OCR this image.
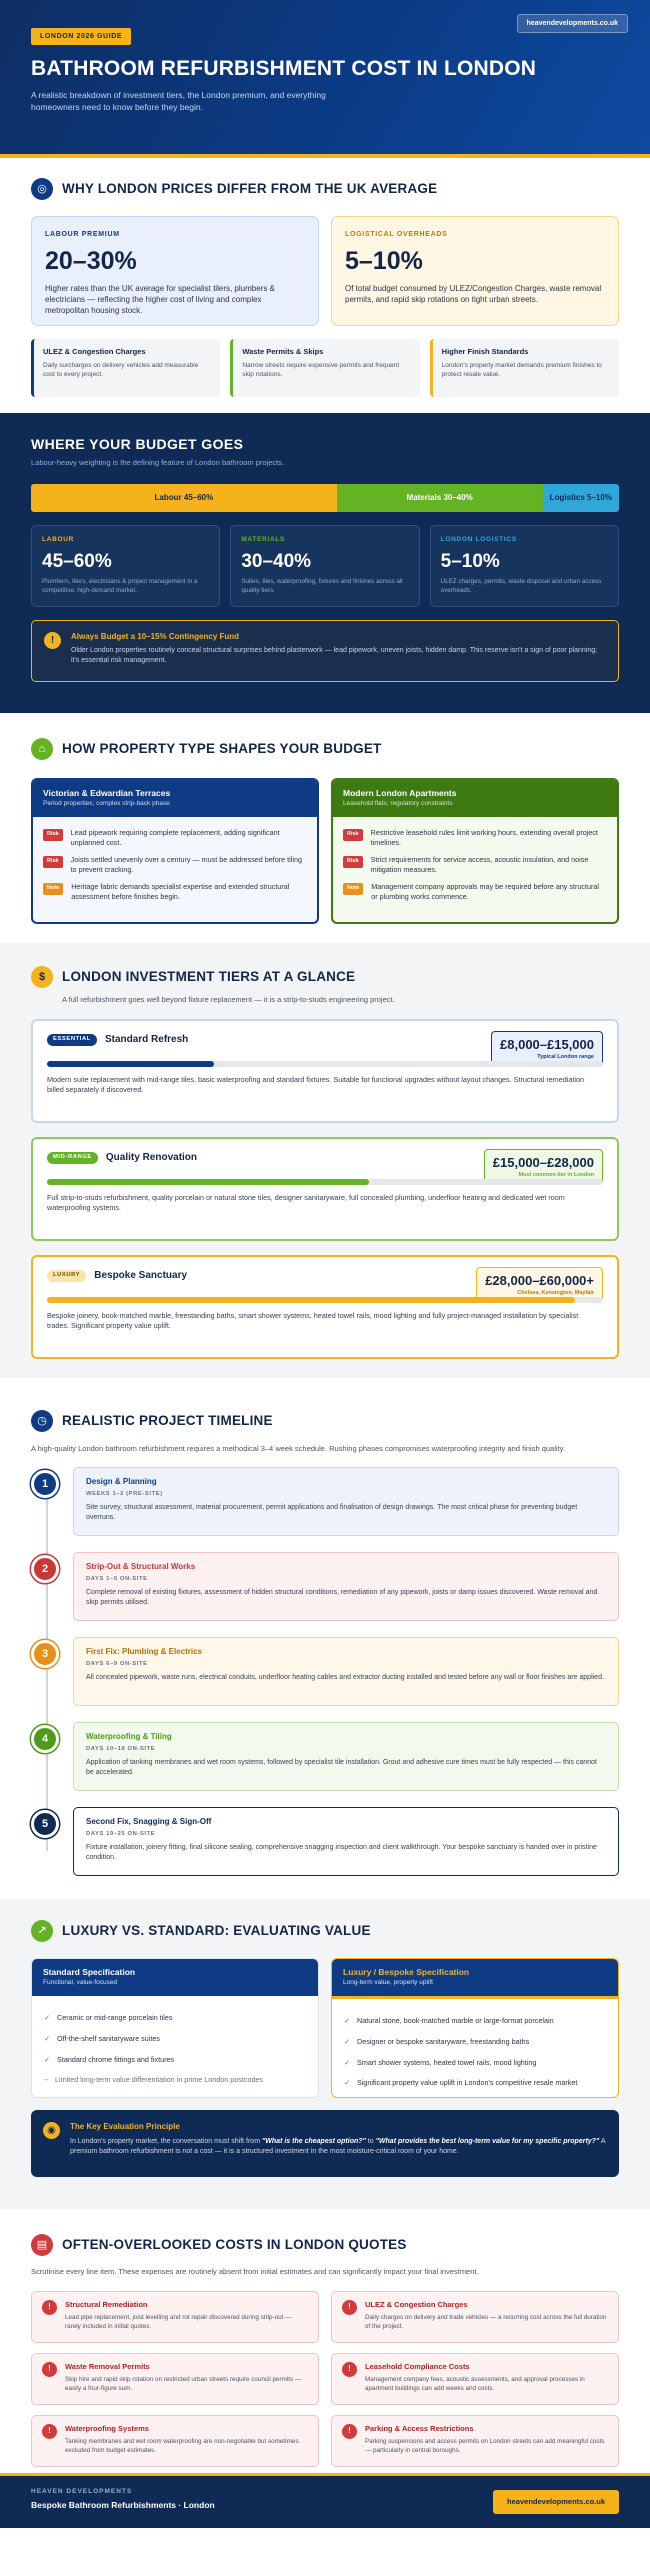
LONDON 2026 GUIDE
heavendevelopments.co.uk
BATHROOM REFURBISHMENT COST IN LONDON

A realistic breakdown of investment tiers, the London premium, and everything homeowners need to know before they begin.

◎	WHY LONDON PRICES DIFFER FROM THE UK AVERAGE
LABOUR PREMIUM
20–30%
Higher rates than the UK average for specialist tilers, plumbers & electricians — reflecting the higher cost of living and complex metropolitan housing stock.
LOGISTICAL OVERHEADS
5–10%
Of total budget consumed by ULEZ/Congestion Charges, waste removal permits, and rapid skip rotations on tight urban streets.
ULEZ & Congestion Charges

Daily surcharges on delivery vehicles add measurable cost to every project.

Waste Permits & Skips

Narrow streets require expensive permits and frequent skip rotations.

Higher Finish Standards

London's property market demands premium finishes to protect resale value.

WHERE YOUR BUDGET GOES
Labour-heavy weighting is the defining feature of London bathroom projects.
Labour 45–60%	Materials 30–40%	Logistics 5–10%
LABOUR
45–60%

Plumbers, tilers, electricians & project management in a competitive, high-demand market.

MATERIALS
30–40%

Suites, tiles, waterproofing, fixtures and finishes across all quality tiers.

LONDON LOGISTICS
5–10%

ULEZ charges, permits, waste disposal and urban access overheads.

!	Always Budget a 10–15% Contingency Fund

Older London properties routinely conceal structural surprises behind plasterwork — lead pipework, uneven joists, hidden damp. This reserve isn't a sign of poor planning; it's essential risk management.

⌂	HOW PROPERTY TYPE SHAPES YOUR BUDGET
Victorian & Edwardian Terraces

Period properties; complex strip-back phase

Risk	Lead pipework requiring complete replacement, adding significant unplanned cost.

Risk	Joists settled unevenly over a century — must be addressed before tiling to prevent cracking.

Note	Heritage fabric demands specialist expertise and extended structural assessment before finishes begin.

Modern London Apartments

Leasehold flats; regulatory constraints

Risk	Restrictive leasehold rules limit working hours, extending overall project timelines.

Risk	Strict requirements for service access, acoustic insulation, and noise mitigation measures.

Note	Management company approvals may be required before any structural or plumbing works commence.

$	LONDON INVESTMENT TIERS AT A GLANCE
A full refurbishment goes well beyond fixture replacement — it is a strip-to-studs engineering project.
ESSENTIAL	Standard Refresh	£8,000–£15,000
Typical London range

Modern suite replacement with mid-range tiles, basic waterproofing and standard fixtures. Suitable for functional upgrades without layout changes. Structural remediation billed separately if discovered.

MID-RANGE	Quality Renovation	£15,000–£28,000
Most common tier in London

Full strip-to-studs refurbishment, quality porcelain or natural stone tiles, designer sanitaryware, full concealed plumbing, underfloor heating and dedicated wet room waterproofing systems.

LUXURY	Bespoke Sanctuary	£28,000–£60,000+
Chelsea, Kensington, Mayfair

Bespoke joinery, book-matched marble, freestanding baths, smart shower systems, heated towel rails, mood lighting and fully project-managed installation by specialist trades. Significant property value uplift.

◷	REALISTIC PROJECT TIMELINE
A high-quality London bathroom refurbishment requires a methodical 3–4 week schedule. Rushing phases compromises waterproofing integrity and finish quality.
1	Design & Planning
WEEKS 1–2 (PRE-SITE)

Site survey, structural assessment, material procurement, permit applications and finalisation of design drawings. The most critical phase for preventing budget overruns.

2	Strip-Out & Structural Works
DAYS 1–5 ON-SITE

Complete removal of existing fixtures, assessment of hidden structural conditions, remediation of any pipework, joists or damp issues discovered. Waste removal and skip permits utilised.

3	First Fix: Plumbing & Electrics
DAYS 6–9 ON-SITE

All concealed pipework, waste runs, electrical conduits, underfloor heating cables and extractor ducting installed and tested before any wall or floor finishes are applied.

4	Waterproofing & Tiling
DAYS 10–18 ON-SITE

Application of tanking membranes and wet room systems, followed by specialist tile installation. Grout and adhesive cure times must be fully respected — this cannot be accelerated.

5	Second Fix, Snagging & Sign-Off
DAYS 19–25 ON-SITE

Fixture installation, joinery fitting, final silicone sealing, comprehensive snagging inspection and client walkthrough. Your bespoke sanctuary is handed over in pristine condition.

↗	LUXURY VS. STANDARD: EVALUATING VALUE
Standard Specification

Functional, value-focused

✓ Ceramic or mid-range porcelain tiles
✓ Off-the-shelf sanitaryware suites
✓ Standard chrome fittings and fixtures
– Limited long-term value differentiation in prime London postcodes
Luxury / Bespoke Specification

Long-term value, property uplift

✓ Natural stone, book-matched marble or large-format porcelain
✓ Designer or bespoke sanitaryware, freestanding baths
✓ Smart shower systems, heated towel rails, mood lighting
✓ Significant property value uplift in London's competitive resale market
◉	The Key Evaluation Principle

In London's property market, the conversation must shift from "What is the cheapest option?" to "What provides the best long-term value for my specific property?" A premium bathroom refurbishment is not a cost — it is a structured investment in the most moisture-critical room of your home.

▤	OFTEN-OVERLOOKED COSTS IN LONDON QUOTES
Scrutinise every line item. These expenses are routinely absent from initial estimates and can significantly impact your final investment.
!	Structural Remediation

Lead pipe replacement, joist levelling and rot repair discovered during strip-out — rarely included in initial quotes.

!	ULEZ & Congestion Charges

Daily charges on delivery and trade vehicles — a recurring cost across the full duration of the project.

!	Waste Removal Permits

Skip hire and rapid skip rotation on restricted urban streets require council permits — easily a four-figure sum.

!	Leasehold Compliance Costs

Management company fees, acoustic assessments, and approval processes in apartment buildings can add weeks and costs.

!	Waterproofing Systems

Tanking membranes and wet room waterproofing are non-negotiable but sometimes excluded from budget estimates.

!	Parking & Access Restrictions

Parking suspensions and access permits on London streets can add meaningful costs — particularly in central boroughs.

HEAVEN DEVELOPMENTS
Bespoke Bathroom Refurbishments · London	heavendevelopments.co.uk
